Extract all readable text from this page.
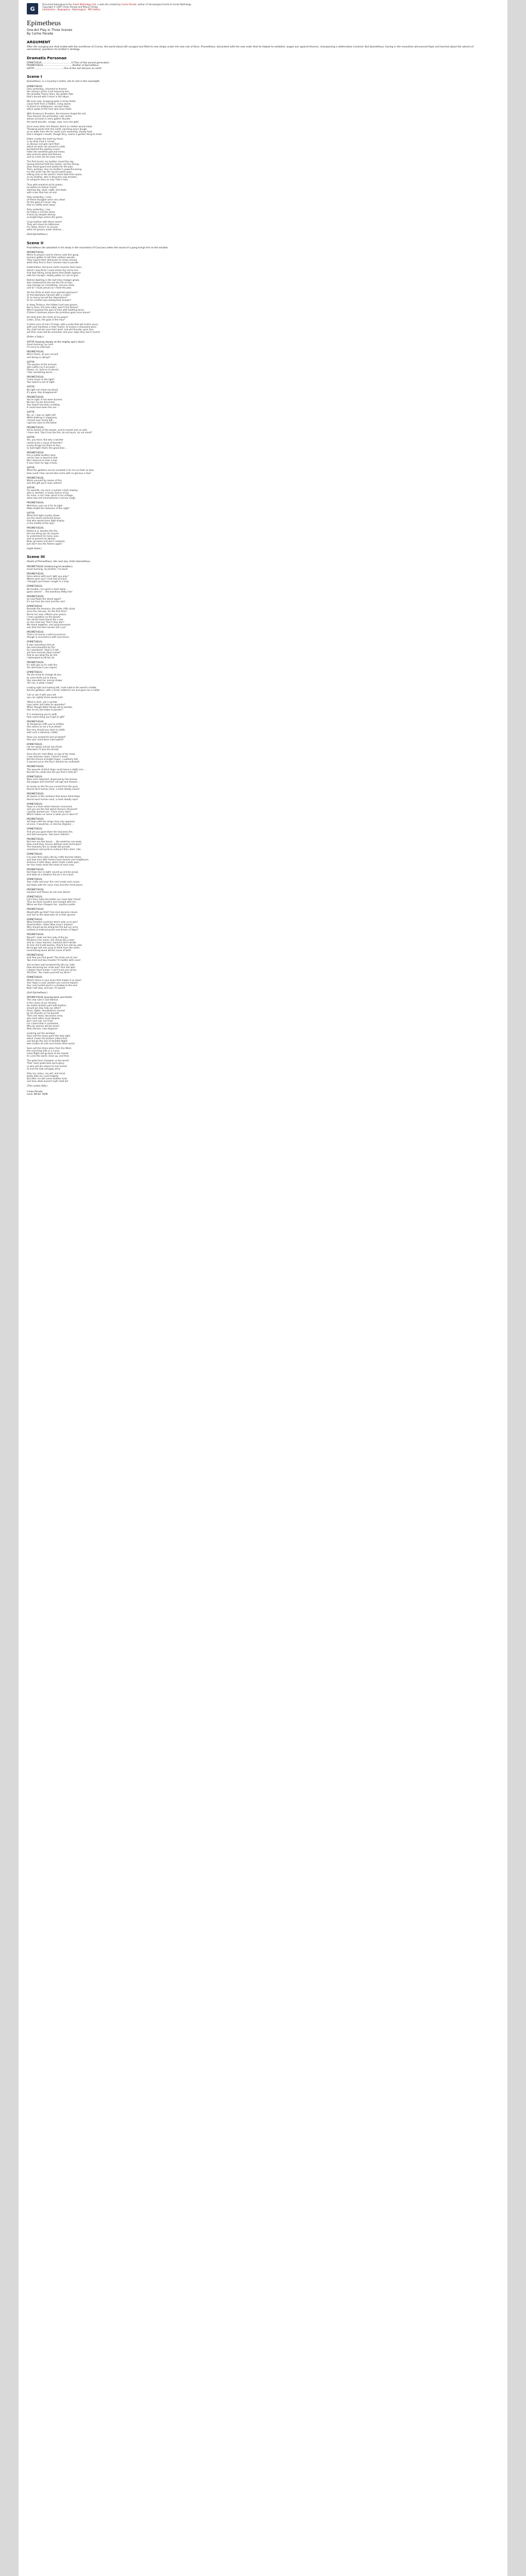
G
Document belonging to the Greek Mythology Link, a web site created by Carlos Parada, author of Genealogical Guide to Greek Mythology
Copyright © 1997 Carlos Parada and Maicar Förlag.
Introduction · Biographies · Mythological · PDF Edition
Epimetheus
One-Act Play in Three Scenes
By Carlos Parada
ARGUMENT
After the ravaging war that ended with the overthrow of Cronos, the world stood still ravaged and filled to new shape under the new rule of Zeus. Prometheus, discontent with the new order that he helped to establish, wages war against Heaven, championing a defenceless mankind. But Epimetheus, having in the meantime discovered Hope and learned about the advent of womankind, questions his brother's strategy.
Dramatis Personae
EPIMETHEUS ...................................... A Titan of the second generation
PROMETHEUS ...................................... Brother of Epimetheus
SATYR ...................................... One of the lust demons on earth
Scene I
Epimetheus, in a Country's entire, sits to rest in the moonlight.
EPIMETHEUS:
Only yesterday, reluctant to dismiss
the clamors of the cruel heavenly war,
the dreadful Titanic fears, the golden fate
that's buried with Cronos in the abyss.
We even saw, wrapping gods in tricky fields,
cause forth from a hidden, rising sword,
to bisect an ambiguous, ancient dawn,
which spoke of the hero who Zeus holds.
With Oceanus's thunders, the heavens forgot the old,
Thus thereof, the primordial, vast centre,
whose servants in arms gather thunder
the world plunder, ravage, rape, turn into gold.
Once none other him flowed, which no shelter would allow:
Throwing winds from the north, parching every bough,
as he waits from the far south such assenting, steady heat,
that a dragon's mouth, though fiery, seems a gentler thing to meet.
Either cruelty the earth by thirst,
or by dirty mud is ruined,
as decays corrupts each field
which no work can prevail to yield,
but behind this gloomy scene
hides the sweetest god and mean,
who promise good and fortune,
and so crime are his loud crime.
The first tyrant, my brother saved the rag,
having stormed that the Camel, not the strong,
Zeus stood guard and waited for the plan.
Then, perhaps, also my brother's powerful wrong,
For the victor has the sacred world upon,
letting evils as the world's intent take their spoils,
so my brother, who in blissness now devotes,
to vanquish Zeus as only Titan's toils.
Thus with mankind at his paean,
he defies his former friend,
staining day, dusk, night, and dawn
with a war that has no end.
Only yesterday, I said,
all these thoughts were very dead
for the gold of Cronos' day
that so swiftly went away.
Only yesterday, I say,
for today is not the same:
it bore joy despite dismay
so bright Hope enters the game.
I'd go brother with these same?
They will chase his bitterness
For delay, there's no excuse
while he grieves under distress ...
(Exit Epimetheus.)
Scene II
Prometheus sits absorbed in his study in the mountains of Caucasus when the sound of a gong brings him to the window.
PROMETHEUS:
When to prayers and to silence calls this gong,
humans gather to tell their soldiers wonder.
They expect their demesnes to chase among
while they find in their richness how to ponder.
Inadmirative, the burnt earth resumes their tears,
which I now think I could entice the soil to live.
And that falling, bring desire that Death appears
with the tranquil, steady patter no rain to give.
Behind dwelling in the last trees meager grows,
who chastened to the soil the life of man,
now emerge as a trembling, nervous show,
and lo! I must prevail as I meet the plan.
Yet has Pride at least once granted garrisons?
Or the blameless harvest with a crown?
Or to mercy turned the dispositions?
Or for comfort was widespread renown?
In deep Tartarus, the hidden Lord now groans.
But in Zeus, the lone rebel, wasn't the throne?
Who'll appease the pain of man with loathing tones
if there's darkness where the primitive gods once shone?
He shall learn the limits of his power!
Listen, Zeus, the gaze of the hour!
A storm race of man I'll forge, with a pride that will match yours,
with such hardness in their hearts, to endure a thousand wars!
You shall not win over their grief, and will thunder upon fear,
yet their souls will be unmoved, and your reign they won't revere!
(Enter a Satyr.)
SATYR (bowing deeply at the mighty ape's door):
Good morning, my Lord.
I'm sorry to interrupt ...
PROMETHEUS:
Who's there, all your accord,
and being so abrupt?
SATYR:
The warden of the orchard,
who suffers as if accused ...
Please, sir, hold on to bench;
I fear something worse ...
PROMETHEUS:
Come closer to the light!
Your beard is out of sight.
SATYR:
No light can show my beard.
It's gone. Has disappeared!
PROMETHEUS:
You're right. It has been burned.
No hair can be discerned.
Your beard has been scalding.
It could have been the sun ...
SATYR:
No, sir, I was so night soft.
While bathing in happiness,
I kissed your lovely gift,
I got too close to the boiler.
PROMETHEUS:
Yet to demon of the woods, and to mortal man as well,
I have said, 'Don't kiss the fire, do not touch, do not smell!'
SATYR:
Yes, you have. But why a wonder
needs to be a cause of thunder?
Lovely things are there to kiss,
to hold tight: that's the great bliss ...
PROMETHEUS:
Fire a subtle another deal,
not for love or beard to feel.
Did I deserve to hear a fool
if your learn to rage a fools.
SATYR:
What the goddess serves unceded is for me as fresh as dew.
How could I fear sacred deal come with so glorious a few?
PROMETHEUS:
Warm yourself by means of fire,
and this gift you'll soon admire!
SATYR:
For warmth, my Lord, a nymph I most employ,
who is, besides, a lovely source of joy.
On mine, a rich clear spiral is her vintage,
when two and mind become a lot too rough.
PROMETHEUS:
Well then, just use it for its light:
Make bright the darkness of the night!
SATYR:
What that light usually shows
are the sweet nocturnal kisses
And who would more light display
in the middle of the day?
PROMETHEUS:
Patience is, besides the fire,
the one thing you do acquire
to understand its many uses,
and so prevent its abuses.
Now, go home and don't complain.
Just don't kiss the flames again!
(Light fades.)
Scene III
Studio of Prometheus, the next day. Enter Epimetheus.
PROMETHEUS (embracing his brother):
Good morning, my brother, I'm back!
PROMETHEUS:
Since where with such light you play?
Where were you? I had lost all track.
I thought you'd been caught in a trap!
EPIMETHEUS:
No trouble, I've spent a short while ...
guess where? ... the wondrous Milky Isle!
PROMETHEUS:
So now floats the island again?
It's out from the mist and the rain!
EPIMETHEUS:
Beneath the heavens, the white cliffs climb
since the last war, for the first time!
But to me now, reflects your peace,
I met a goddess on the beach!
Her divine head shone like a star
as she cried out: 'Don't stay afar!'
We drank together, and sang lovesome
was that she then turned into a jar!
PROMETHEUS:
That is of course a wild occurrence,
though in accordance with recurrence.
EPIMETHEUS:
It was marvellous this jar
the most beautiful by far!
So I wondered: 'How is it left
yet here marvels deep inside?'
And to see what the jar hid,
I attempted to lift the lid.
PROMETHEUS:
It's with gas as it's with fire:
You will know if you inquire.
EPIMETHEUS:
Yet she knew to change all jars,
to come forth out to mirror,
She mounted her normal shape:
'All I do, is what I make!'
Looking right and looking left, I told nobt to the world's middle,
but the goddess, with a smile, talked to me and gave me a riddle:
'Let us see if with your wit
you can rightly those words knit:
'What is here, yet is yonder
Lays aside, but helps to squander?
What, though bitter things set to wonder,
Has no art, but helps to ponder?'
If in answering you're swift,
then some thing you'll get as gift!'
PROMETHEUS:
To dangerous cliffs you've drifted,
She seems to me a true afraid!
But very should you start to riddle
with such a deliverer riddle?
Have you answered and accepted?
Has your mind been interrupted?
EPIMETHEUS:
Let me speak and be not afraid;
otherwise I'll lose the thread.
Once the lid I had lifted, on top of her head,
I saw darkness roam, I heard a tread.
But the throne of bright hopes, I suddenly felt,
it spread out on the Sun's behind my underbelt.
PROMETHEUS:
The wounds of blind Hope could leave a slight scar ...
But tell me, what else did you find in that jar?
EPIMETHEUS:
More evils departed, dispersed by the breeze,
like plague and mischief, old age and disease ...
As lovely as the fire you cursed from the pure,
Round each human neck, a most deadly noose!
PROMETHEUS:
All jewels in the necklace that wears blind Hope.
Round each human neck, a most deadly rope!
EPIMETHEUS:
Hope is a lever which Heaven conceived,
and you are the fool whom Heaven deceived!
I quietly wanted yes: 'Close every door!'
Which makes no sense is what you're done it?
PROMETHEUS:
Yet Hope with her wings may only appease;
at once, it would be, or else be disgrace ...
EPIMETHEUS:
And yet you gave them the heavenly fire,
and told everyone: 'See here! Admire!'
PROMETHEUS:
But men are like bones ... like wretches are weak,
How could they survive without some technique?
The heavenly fire no doubt will provide
assistance and pride to enhance their stars' ride.
EPIMETHEUS:
I've seen their plain ride by crafts become labels,
and how men with frames have houses and neighbours.
Enhance it with Hope, which holds a wide span,
for hers looks shine the heart of each man.
PROMETHEUS:
But Hope has no light, sound up and be proud,
and keep at a distance the jar's evil cloud.
EPIMETHEUS:
Your crafts and your fire can't make evils cease,
but Hope with her voice may lend the mind peace.
PROMETHEUS:
Injustice and Please do not ever blend!
EPIMETHEUS:
Let's then make the better our most dear friend!
Thus we fairly Injustice and mangle with her ...
When we thus cheapen her, injustice prefer.
PROMETHEUS:
Would gifts go that? Free men become slaves,
and live as the dead who lie in their graves!
EPIMETHEUS:
What freedom could be which sells us to war?
Good brother, listen! Now must I implore!
Why should we be killing the fire but our arms
instead of embracing the new dream of Hope?
PROMETHEUS:
Mynet? I shall veil the Lady of the Jar,
Pandora's her name, she shines like a star!
And as I have learned, mankind she'll divide:
To men she'll add women, they'll live side by side;
No longer will man pray to think from the earth,
Lovemaking alone will be cause of birth.
PROMETHEUS:
And that you find good? The kinds out of one!
Two mind and two mouths! It's better with none!
You've been well answered by this jar: take.
How deceiving her smile was! One still able
I always have known: I can't trust your brain,
Tell Zeus: 'You made yourself my thorn!'
EPIMETHEUS:
What's there in your brain that makes it so sane?
Your Hope in your wisdom you cannot explain!
Your rock-hurled word is a shadow to the end.
Now I will stay, and you, I'll spend!
(Exit Epimetheus.)
PROMETHEUS (pacing back and forth):
The new ruler's cool demise
is the cause of our division.
He makes brother part with brother,
should we stay help our other?
Ruins, fights, devastations caused
by his thunder on his bounds
Then one head, two brains arise,
who each other must despise:
But I care not. Let it be!
For a bond that is contested
Why by women will be more?
New division, new disgrace!
(Looking out the window)
Soon will the moon paint the dark light,
which cloaks the Eastern pillars first,
and brings the sick of dreadful Night,
who shakes all cells and marks them worst.
Soon will the times when from the West,
like scorching milk or a curse,
Lame Night will go back at her breast
to curse the world, clean up, and then.
The gods have changed, so the world:
Their clash grabs blue sprin-glory,
or who will join where he has hurled
to end the new unhappy story.
Only my valour, my will, and mind,
today take my cruel tragedy.
But after me will come another kind:
and hear what ancient myth shall be!
(The curtain falls.)
Carlos Parada
Lund, Winter 2006
